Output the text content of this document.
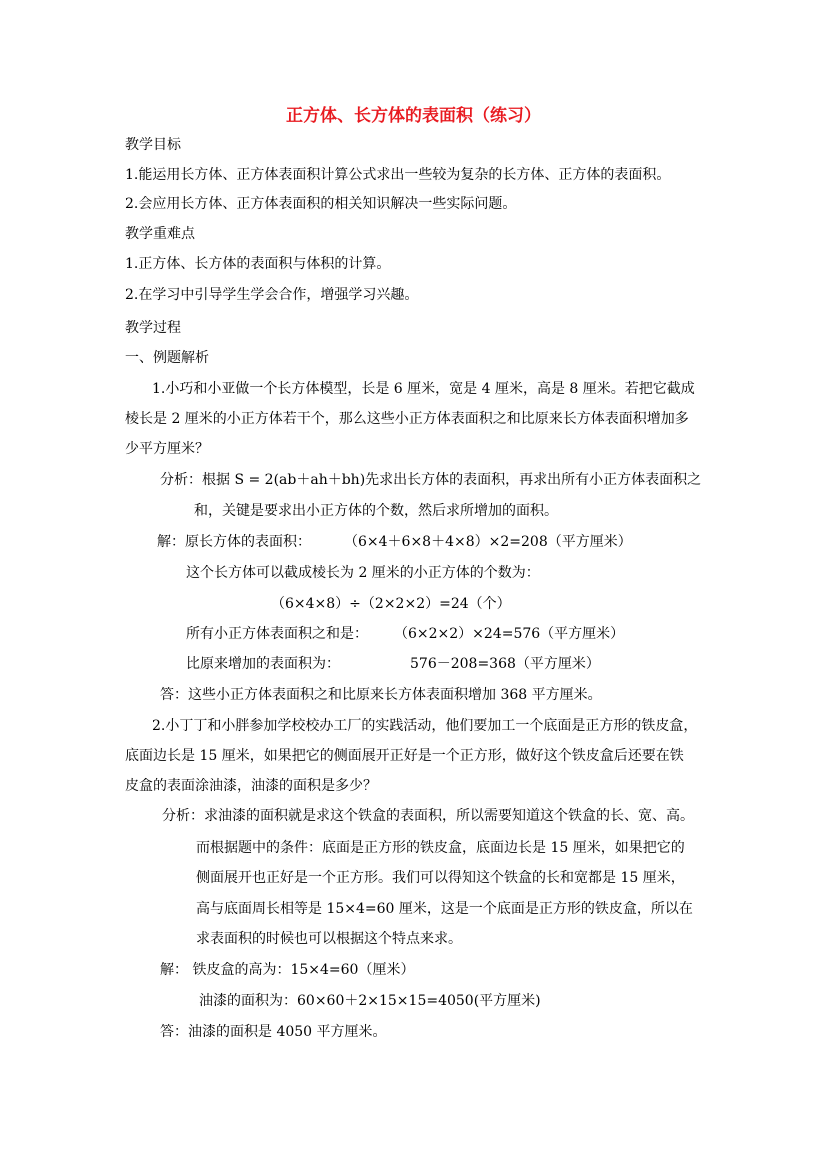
正方体、长方体的表面积（练习）
教学目标
1.能运用长方体、正方体表面积计算公式求出一些较为复杂的长方体、正方体的表面积。
2.会应用长方体、正方体表面积的相关知识解决一些实际问题。
教学重难点
1.正方体、长方体的表面积与体积的计算。
2.在学习中引导学生学会合作，增强学习兴趣。
教学过程
一、例题解析
1.小巧和小亚做一个长方体模型，长是 6 厘米，宽是 4 厘米，高是 8 厘米。若把它截成
棱长是 2 厘米的小正方体若干个，那么这些小正方体表面积之和比原来长方体表面积增加多
少平方厘米？
分析：根据 S = 2(ab＋ah＋bh)先求出长方体的表面积，再求出所有小正方体表面积之
和，关键是要求出小正方体的个数，然后求所增加的面积。
解：原长方体的表面积： （6×4＋6×8＋4×8）×2=208（平方厘米）
这个长方体可以截成棱长为 2 厘米的小正方体的个数为：
（6×4×8）÷（2×2×2）=24（个）
所有小正方体表面积之和是： （6×2×2）×24=576（平方厘米）
比原来增加的表面积为：	576－208=368（平方厘米）
答：这些小正方体表面积之和比原来长方体表面积增加 368 平方厘米。
2.小丁丁和小胖参加学校校办工厂的实践活动，他们要加工一个底面是正方形的铁皮盒，
底面边长是 15 厘米，如果把它的侧面展开正好是一个正方形，做好这个铁皮盒后还要在铁
皮盒的表面涂油漆，油漆的面积是多少？
分析：求油漆的面积就是求这个铁盒的表面积，所以需要知道这个铁盒的长、宽、高。
而根据题中的条件：底面是正方形的铁皮盒，底面边长是 15 厘米，如果把它的
侧面展开也正好是一个正方形。我们可以得知这个铁盒的长和宽都是 15 厘米，
高与底面周长相等是 15×4=60 厘米，这是一个底面是正方形的铁皮盒，所以在
求表面积的时候也可以根据这个特点来求。
解： 铁皮盒的高为：15×4=60（厘米）
油漆的面积为：60×60＋2×15×15=4050(平方厘米)
答：油漆的面积是 4050 平方厘米。
